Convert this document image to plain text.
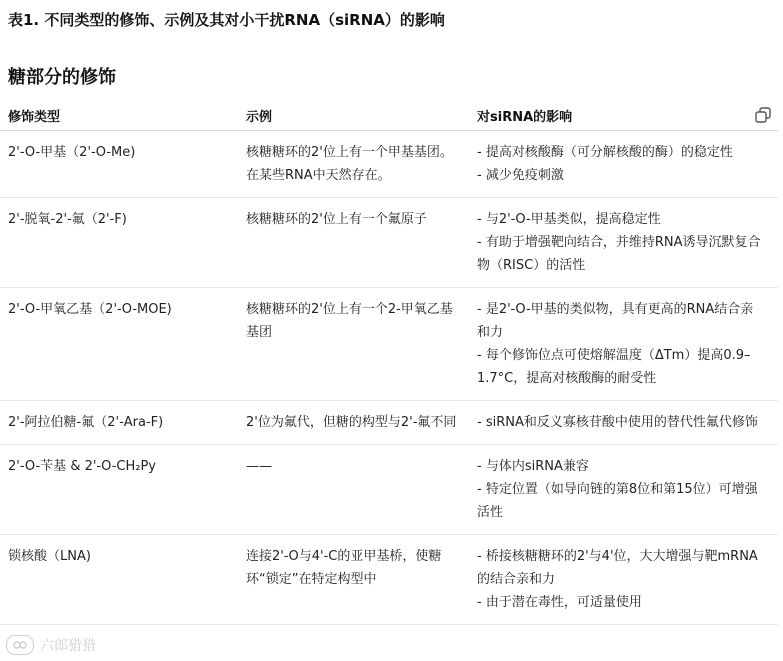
表1. 不同类型的修饰、示例及其对小干扰RNA（siRNA）的影响
糖部分的修饰
修饰类型	示例	对siRNA的影响

2'-O-甲基（2'-O-Me)	核糖糖环的2'位上有一个甲基基团。在某些RNA中天然存在。	- 提高对核酸酶（可分解核酸的酶）的稳定性
- 减少免疫刺激

2'-脱氧-2'-氟（2'-F)	核糖糖环的2'位上有一个氟原子	- 与2'-O-甲基类似，提高稳定性
- 有助于增强靶向结合，并维持RNA诱导沉默复合物（RISC）的活性

2'-O-甲氧乙基（2'-O-MOE)	核糖糖环的2'位上有一个2-甲氧乙基基团	- 是2'-O-甲基的类似物，具有更高的RNA结合亲和力
- 每个修饰位点可使熔解温度（ΔTm）提高0.9–1.7°C，提高对核酸酶的耐受性

2'-阿拉伯糖-氟（2'-Ara-F)	2'位为氟代，但糖的构型与2'-氟不同	- siRNA和反义寡核苷酸中使用的替代性氟代修饰

2'-O-苄基 & 2'-O-CH₂Py	——	- 与体内siRNA兼容
- 特定位置（如导向链的第8位和第15位）可增强活性

锁核酸（LNA)	连接2'-O与4'-C的亚甲基桥，使糖环“锁定”在特定构型中	- 桥接核糖糖环的2'与4'位，大大增强与靶mRNA的结合亲和力
- 由于潜在毒性，可适量使用
六郎猎猎
